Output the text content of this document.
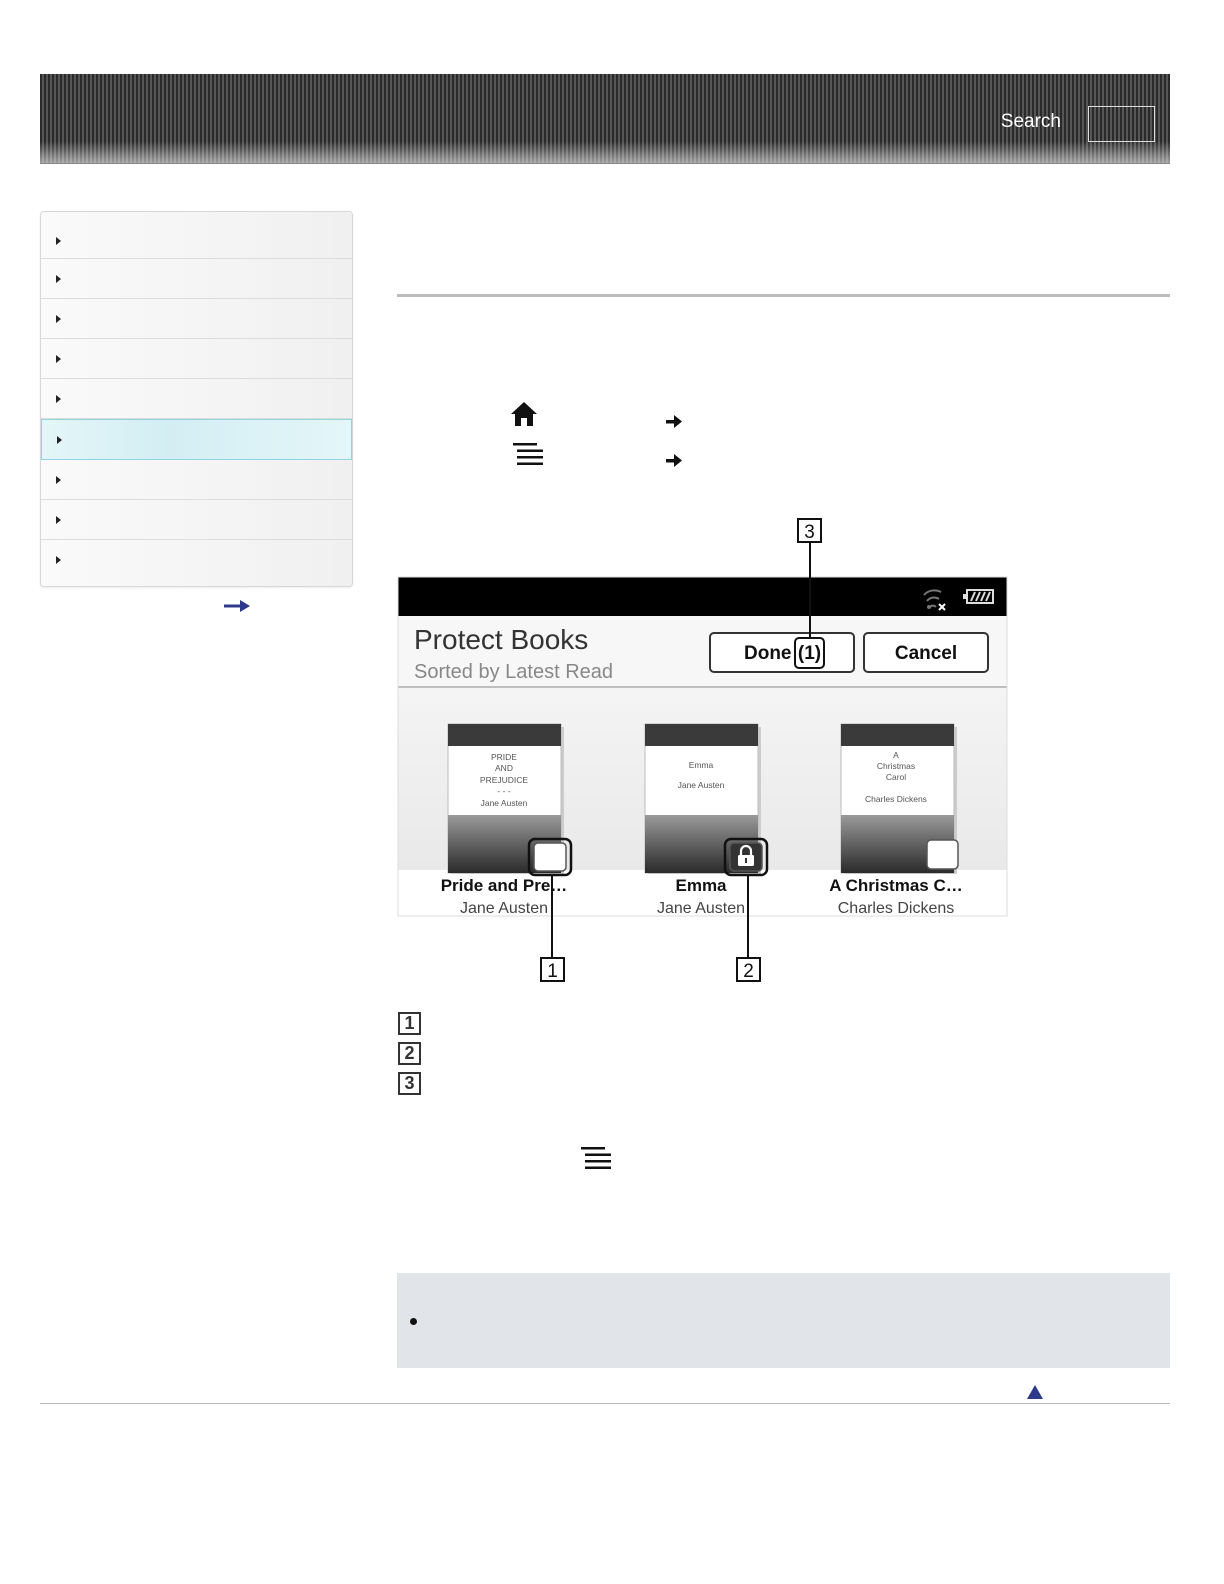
Search
Protect Books
Sorted by Latest Read
Done (1)	Cancel
PRIDE AND PREJUDICE - - -Jane Austen
Pride and Pre…
Jane Austen
Emma Jane Austen
Emma
Jane Austen
A Christmas Carol Charles Dickens
A Christmas C…
Charles Dickens
3
1	2
1
2
3
